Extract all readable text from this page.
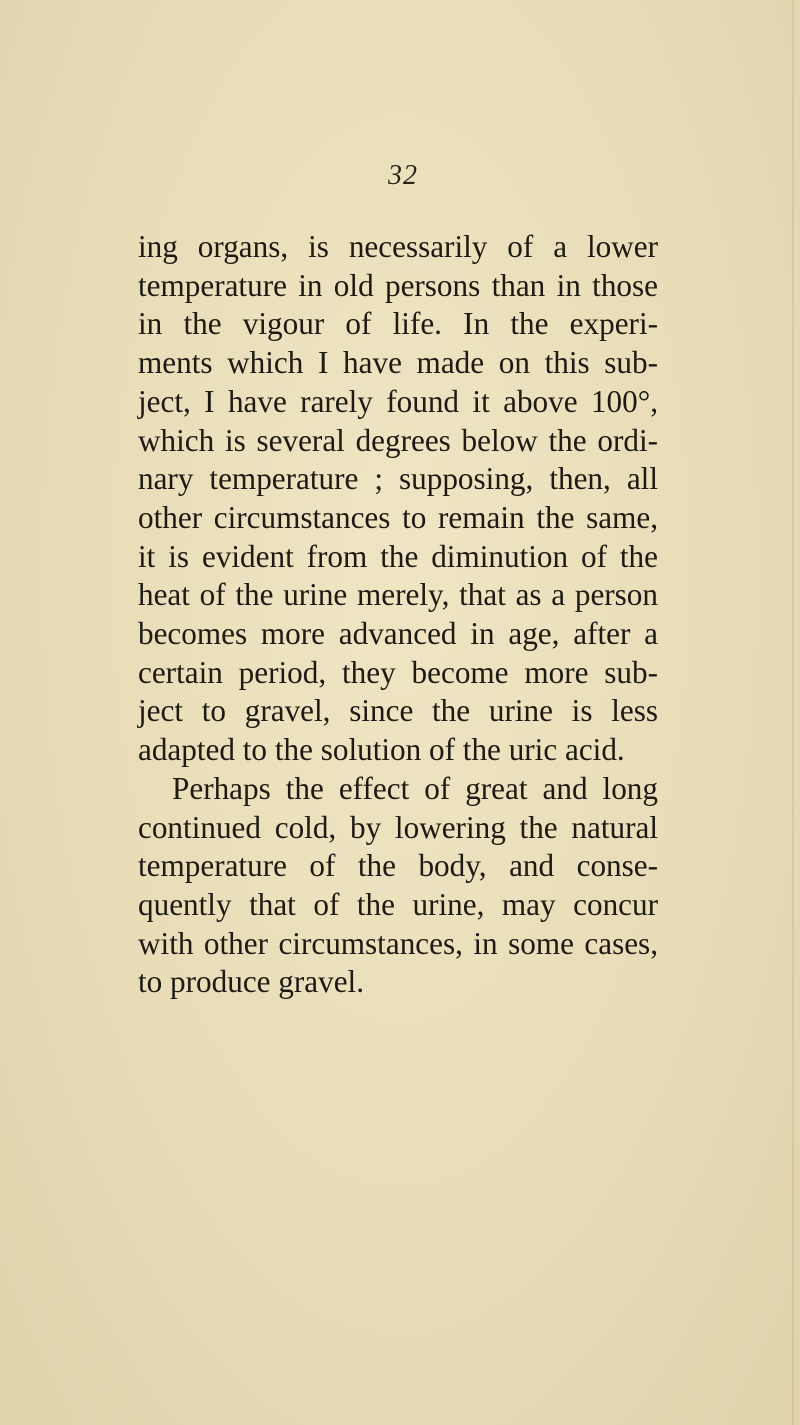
32
ing organs, is necessarily of a lower
temperature in old persons than in those
in the vigour of life. In the experi-
ments which I have made on this sub-
ject, I have rarely found it above 100°,
which is several degrees below the ordi-
nary temperature ; supposing, then, all
other circumstances to remain the same,
it is evident from the diminution of the
heat of the urine merely, that as a person
becomes more advanced in age, after a
certain period, they become more sub-
ject to gravel, since the urine is less
adapted to the solution of the uric acid.
Perhaps the effect of great and long
continued cold, by lowering the natural
temperature of the body, and conse-
quently that of the urine, may concur
with other circumstances, in some cases,
to produce gravel.
